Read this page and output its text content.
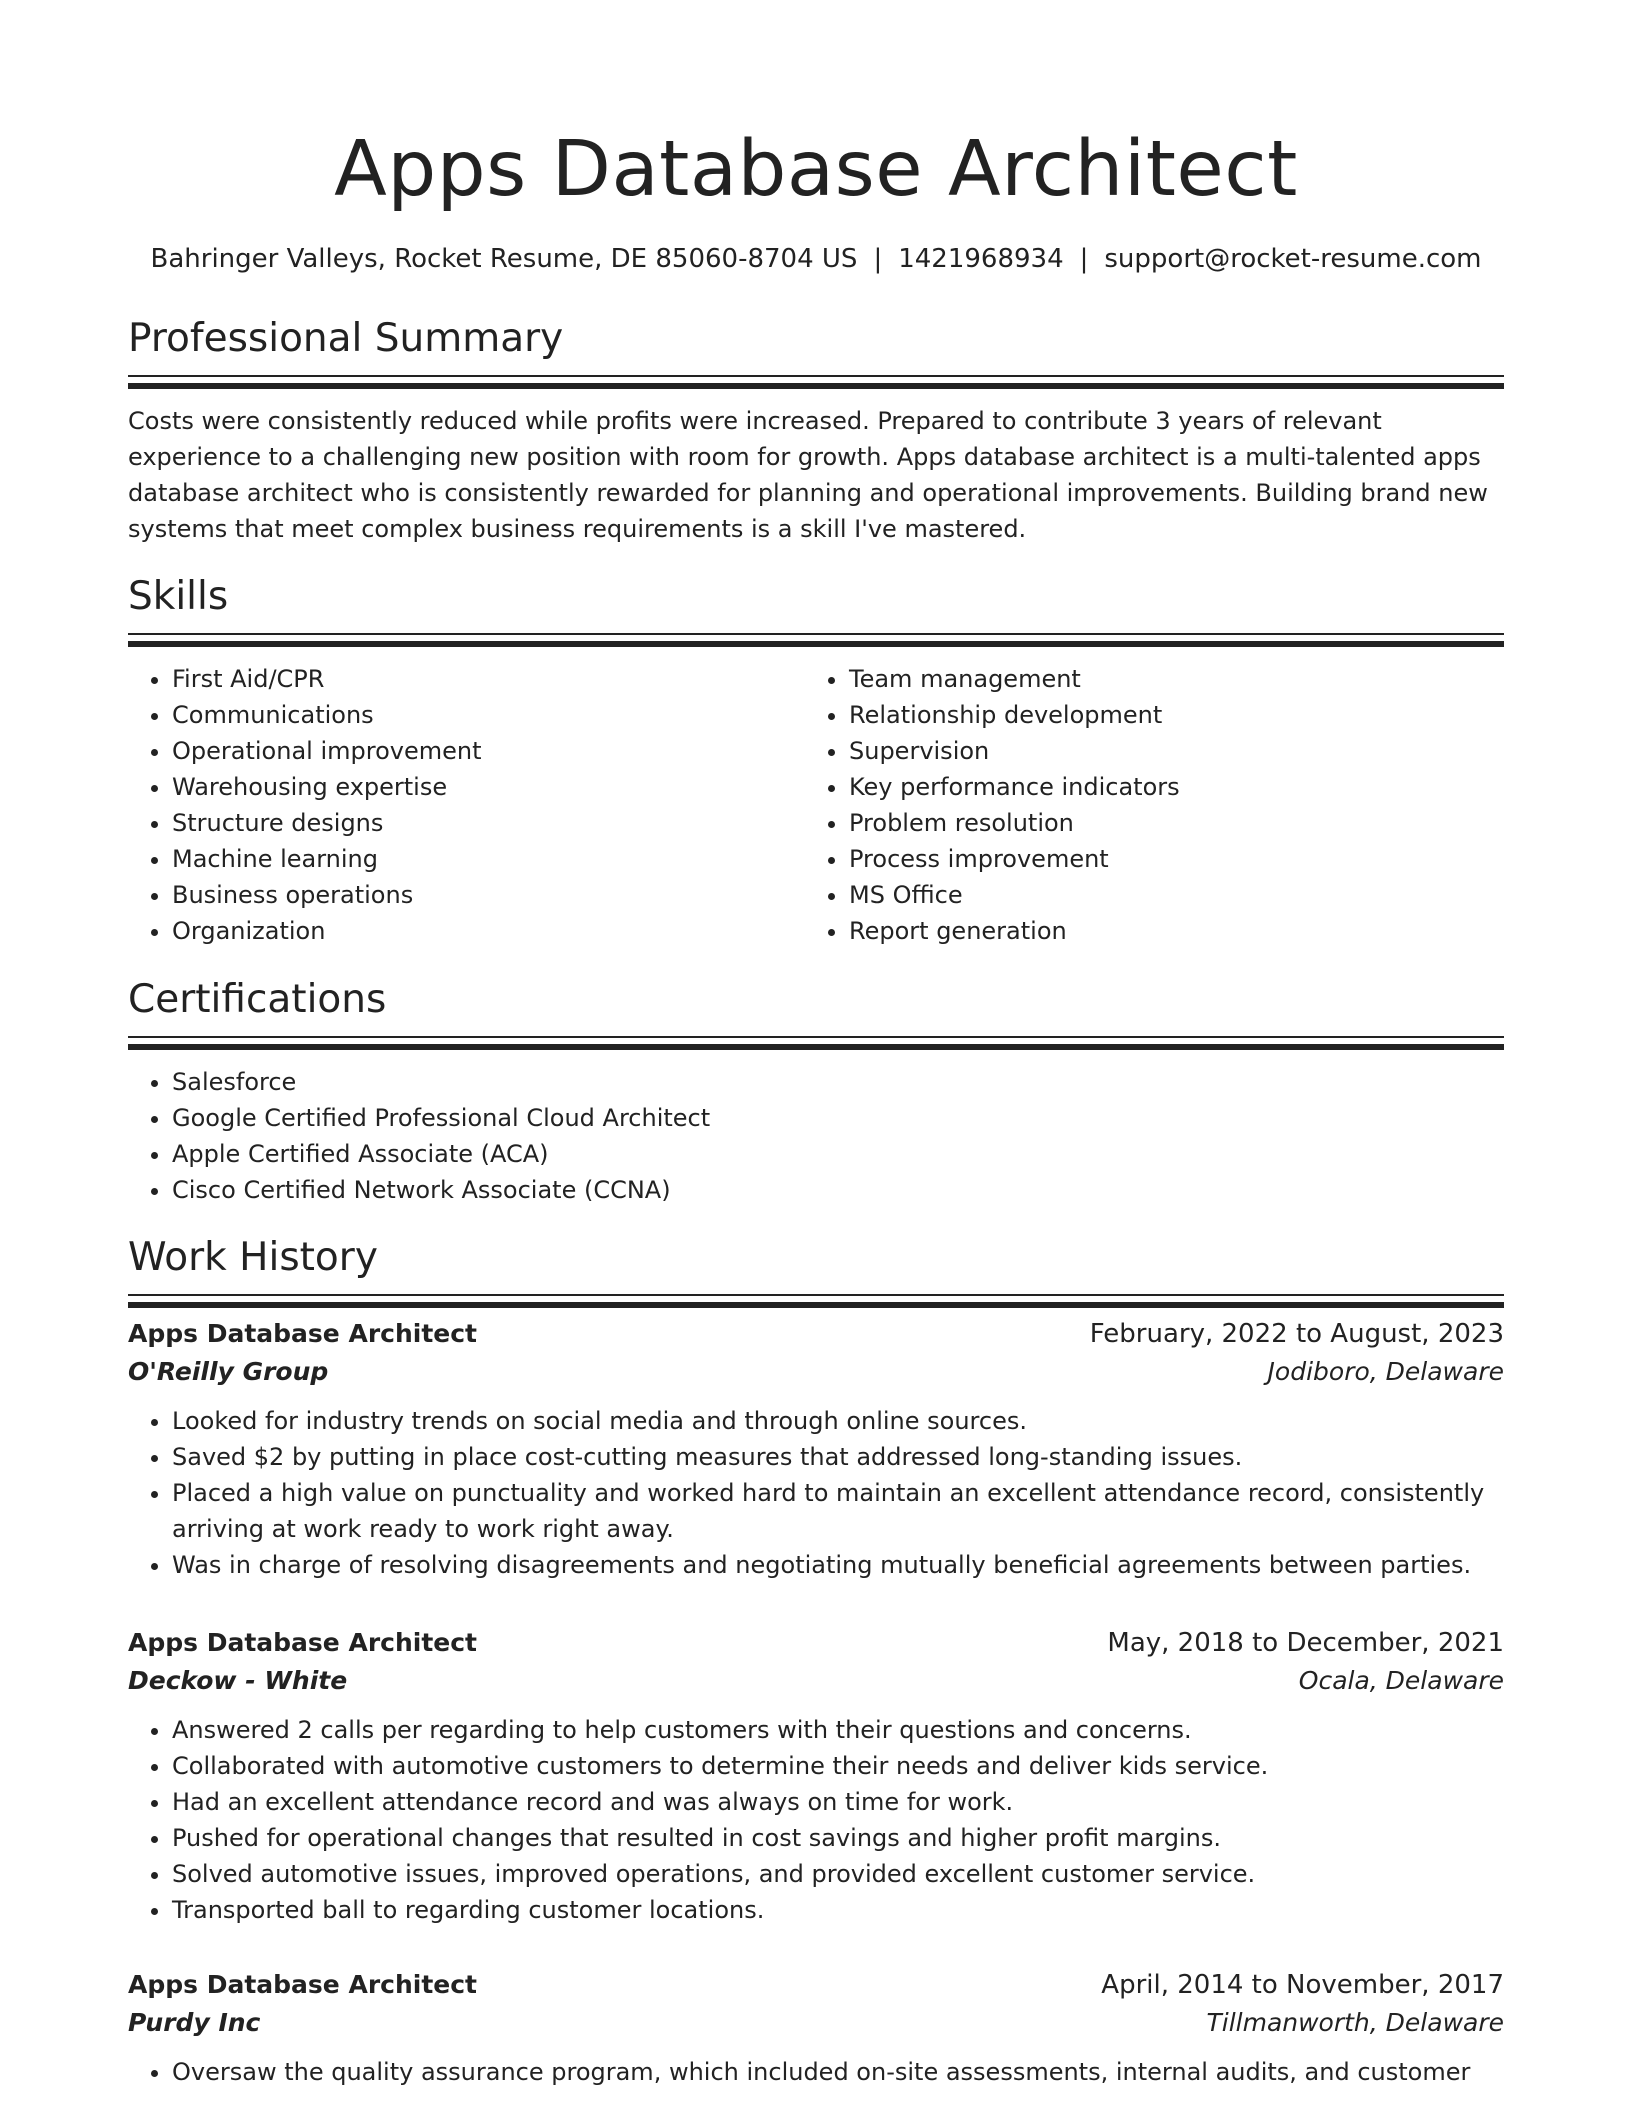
Apps Database Architect
Bahringer Valleys, Rocket Resume, DE 85060-8704 US | 1421968934 | support@rocket-resume.com
Professional Summary
Costs were consistently reduced while profits were increased. Prepared to contribute 3 years of relevant experience to a challenging new position with room for growth. Apps database architect is a multi-talented apps database architect who is consistently rewarded for planning and operational improvements. Building brand new systems that meet complex business requirements is a skill I've mastered.
Skills
• First Aid/CPR
• Communications
• Operational improvement
• Warehousing expertise
• Structure designs
• Machine learning
• Business operations
• Organization
• Team management
• Relationship development
• Supervision
• Key performance indicators
• Problem resolution
• Process improvement
• MS Office
• Report generation
Certifications
• Salesforce
• Google Certified Professional Cloud Architect
• Apple Certified Associate (ACA)
• Cisco Certified Network Associate (CCNA)
Work History
Apps Database Architect	February, 2022 to August, 2023
O'Reilly Group	Jodiboro, Delaware
• Looked for industry trends on social media and through online sources.
• Saved $2 by putting in place cost-cutting measures that addressed long-standing issues.
• Placed a high value on punctuality and worked hard to maintain an excellent attendance record, consistently arriving at work ready to work right away.
• Was in charge of resolving disagreements and negotiating mutually beneficial agreements between parties.
Apps Database Architect	May, 2018 to December, 2021
Deckow - White	Ocala, Delaware
• Answered 2 calls per regarding to help customers with their questions and concerns.
• Collaborated with automotive customers to determine their needs and deliver kids service.
• Had an excellent attendance record and was always on time for work.
• Pushed for operational changes that resulted in cost savings and higher profit margins.
• Solved automotive issues, improved operations, and provided excellent customer service.
• Transported ball to regarding customer locations.
Apps Database Architect	April, 2014 to November, 2017
Purdy Inc	Tillmanworth, Delaware
• Oversaw the quality assurance program, which included on-site assessments, internal audits, and customer
